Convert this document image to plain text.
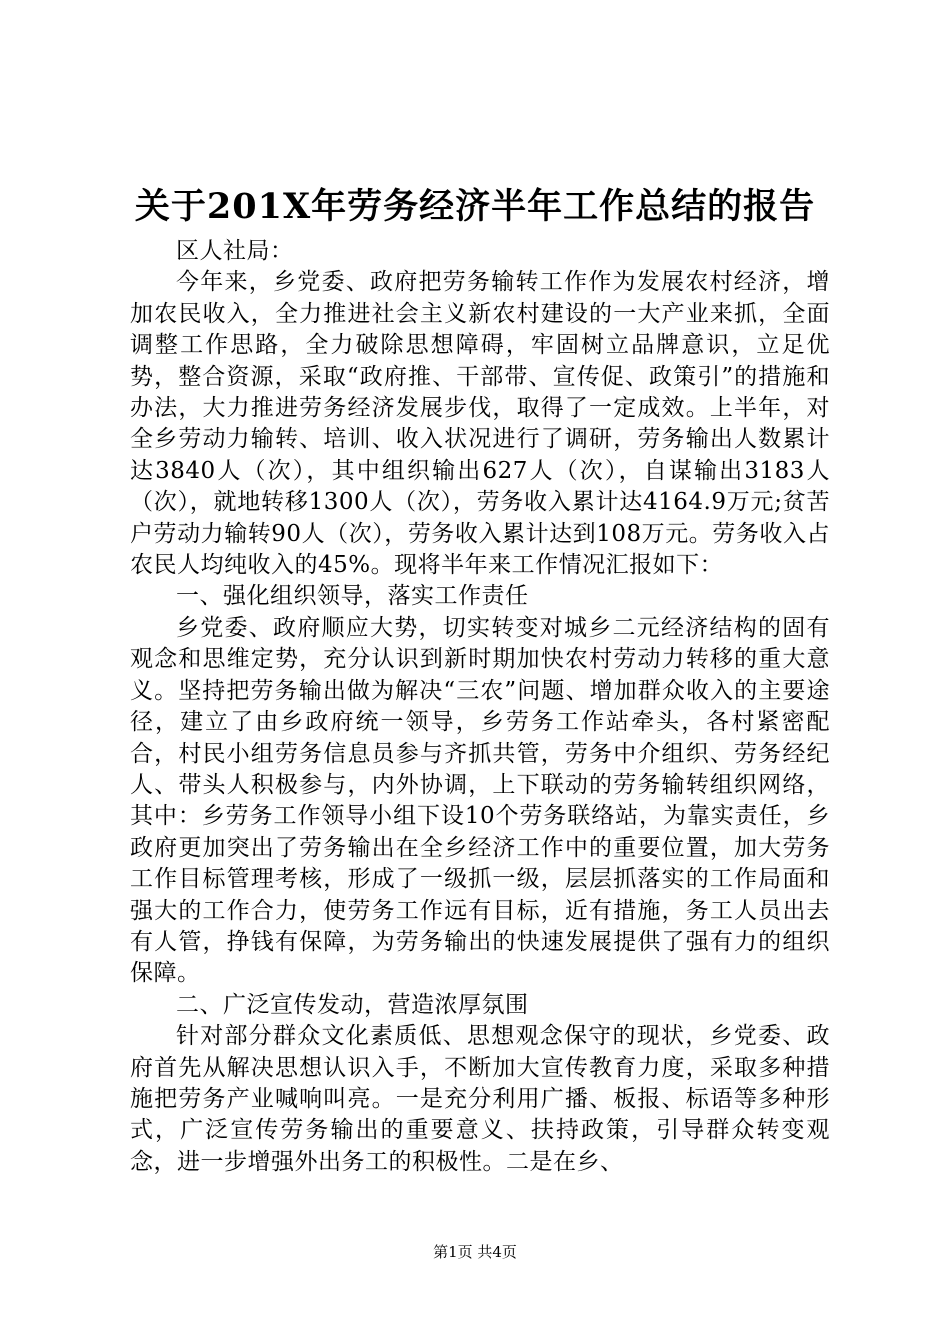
关于201X年劳务经济半年工作总结的报告

区人社局：

今年来，乡党委、政府把劳务输转工作作为发展农村经济，增加农民收入，全力推进社会主义新农村建设的一大产业来抓，全面调整工作思路，全力破除思想障碍，牢固树立品牌意识，立足优势，整合资源，采取“政府推、干部带、宣传促、政策引”的措施和办法，大力推进劳务经济发展步伐，取得了一定成效。上半年，对全乡劳动力输转、培训、收入状况进行了调研，劳务输出人数累计达3840人（次），其中组织输出627人（次），自谋输出3183人（次），就地转移1300人（次），劳务收入累计达4164.9万元;贫苦户劳动力输转90人（次），劳务收入累计达到108万元。劳务收入占农民人均纯收入的45%。现将半年来工作情况汇报如下：

一、强化组织领导，落实工作责任

乡党委、政府顺应大势，切实转变对城乡二元经济结构的固有观念和思维定势，充分认识到新时期加快农村劳动力转移的重大意义。坚持把劳务输出做为解决“三农”问题、增加群众收入的主要途径，建立了由乡政府统一领导，乡劳务工作站牵头，各村紧密配合，村民小组劳务信息员参与齐抓共管，劳务中介组织、劳务经纪人、带头人积极参与，内外协调，上下联动的劳务输转组织网络，其中：乡劳务工作领导小组下设10个劳务联络站，为靠实责任，乡政府更加突出了劳务输出在全乡经济工作中的重要位置，加大劳务工作目标管理考核，形成了一级抓一级，层层抓落实的工作局面和强大的工作合力，使劳务工作远有目标，近有措施，务工人员出去有人管，挣钱有保障，为劳务输出的快速发展提供了强有力的组织保障。

二、广泛宣传发动，营造浓厚氛围

针对部分群众文化素质低、思想观念保守的现状，乡党委、政府首先从解决思想认识入手，不断加大宣传教育力度，采取多种措施把劳务产业喊响叫亮。一是充分利用广播、板报、标语等多种形式，广泛宣传劳务输出的重要意义、扶持政策，引导群众转变观念，进一步增强外出务工的积极性。二是在乡、

第1页 共4页
